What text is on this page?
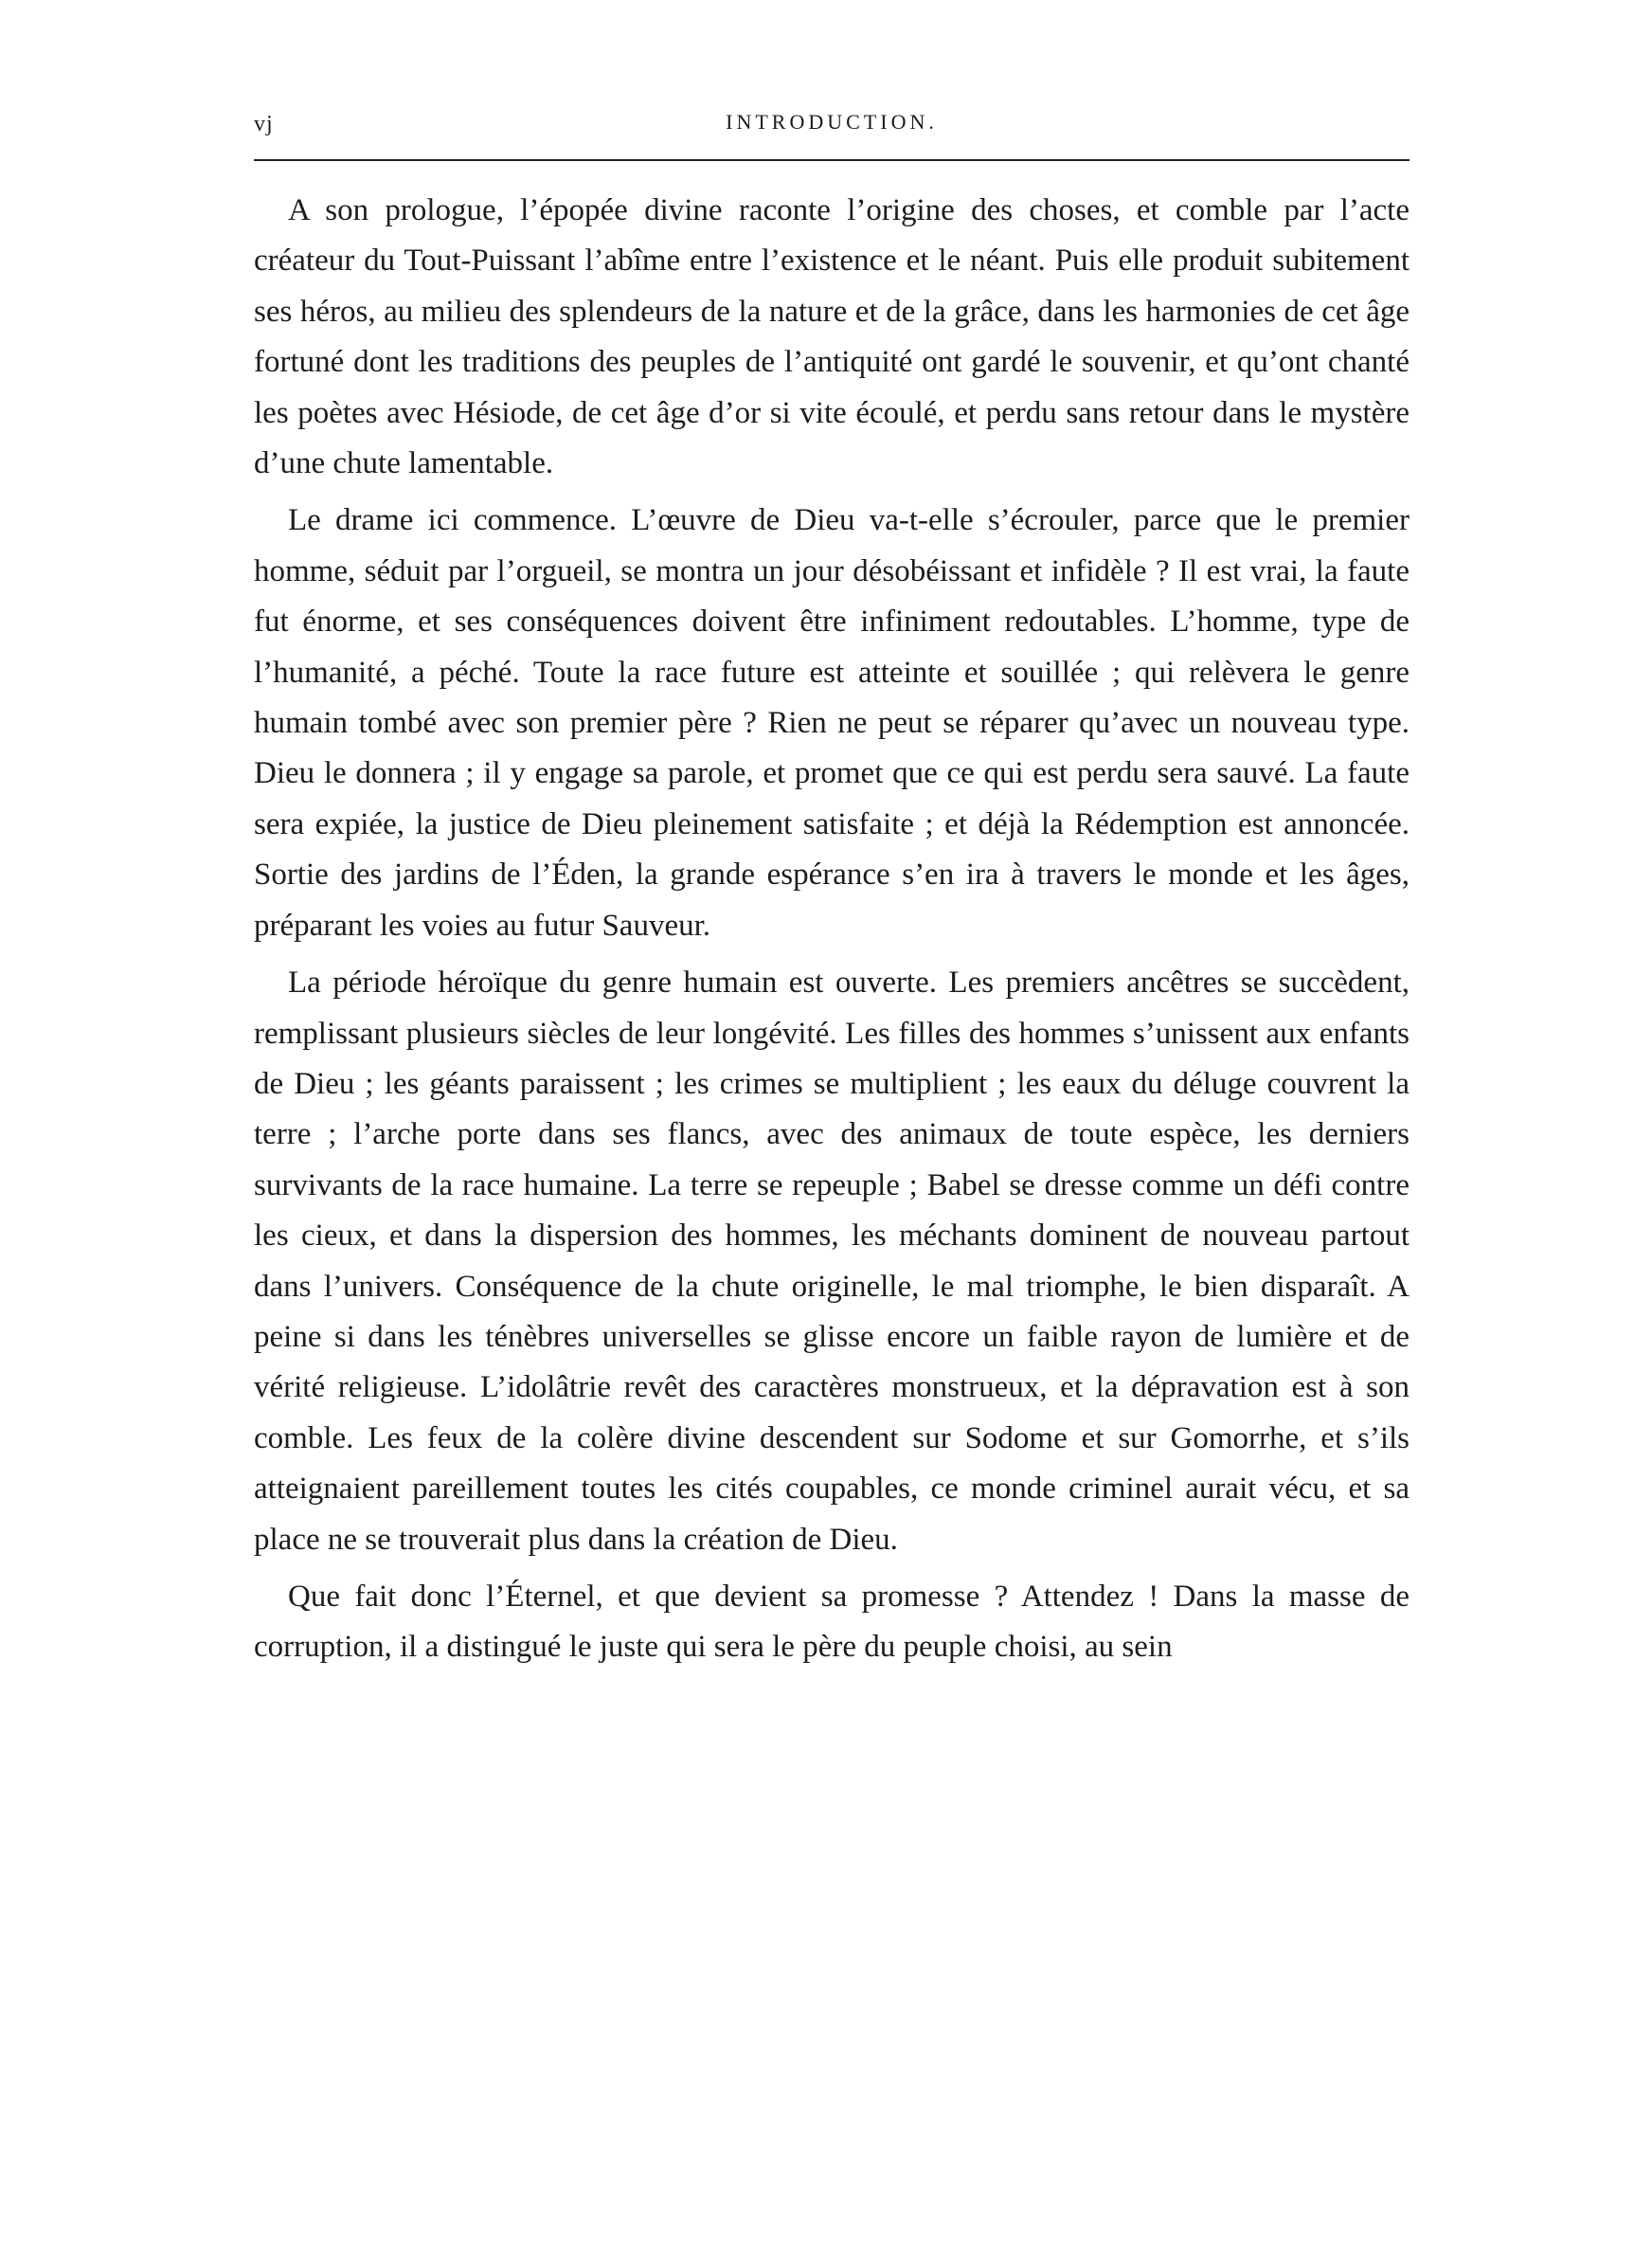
vj	INTRODUCTION.

A son prologue, l’épopée divine raconte l’origine des choses, et comble par l’acte créateur du Tout-Puissant l’abîme entre l’existence et le néant. Puis elle produit subitement ses héros, au milieu des splendeurs de la nature et de la grâce, dans les harmonies de cet âge fortuné dont les traditions des peuples de l’antiquité ont gardé le souvenir, et qu’ont chanté les poètes avec Hésiode, de cet âge d’or si vite écoulé, et perdu sans retour dans le mystère d’une chute lamentable.

Le drame ici commence. L’œuvre de Dieu va-t-elle s’écrouler, parce que le premier homme, séduit par l’orgueil, se montra un jour désobéissant et infidèle ? Il est vrai, la faute fut énorme, et ses conséquences doivent être infiniment redoutables. L’homme, type de l’humanité, a péché. Toute la race future est atteinte et souillée ; qui relèvera le genre humain tombé avec son premier père ? Rien ne peut se réparer qu’avec un nouveau type. Dieu le donnera ; il y engage sa parole, et promet que ce qui est perdu sera sauvé. La faute sera expiée, la justice de Dieu pleinement satisfaite ; et déjà la Rédemption est annoncée. Sortie des jardins de l’Éden, la grande espérance s’en ira à travers le monde et les âges, préparant les voies au futur Sauveur.

La période héroïque du genre humain est ouverte. Les premiers ancêtres se succèdent, remplissant plusieurs siècles de leur longévité. Les filles des hommes s’unissent aux enfants de Dieu ; les géants paraissent ; les crimes se multiplient ; les eaux du déluge couvrent la terre ; l’arche porte dans ses flancs, avec des animaux de toute espèce, les derniers survivants de la race humaine. La terre se repeuple ; Babel se dresse comme un défi contre les cieux, et dans la dispersion des hommes, les méchants dominent de nouveau partout dans l’univers. Conséquence de la chute originelle, le mal triomphe, le bien disparaît. A peine si dans les ténèbres universelles se glisse encore un faible rayon de lumière et de vérité religieuse. L’idolâtrie revêt des caractères monstrueux, et la dépravation est à son comble. Les feux de la colère divine descendent sur Sodome et sur Gomorrhe, et s’ils atteignaient pareillement toutes les cités coupables, ce monde criminel aurait vécu, et sa place ne se trouverait plus dans la création de Dieu.

Que fait donc l’Éternel, et que devient sa promesse ? Attendez ! Dans la masse de corruption, il a distingué le juste qui sera le père du peuple choisi, au sein
